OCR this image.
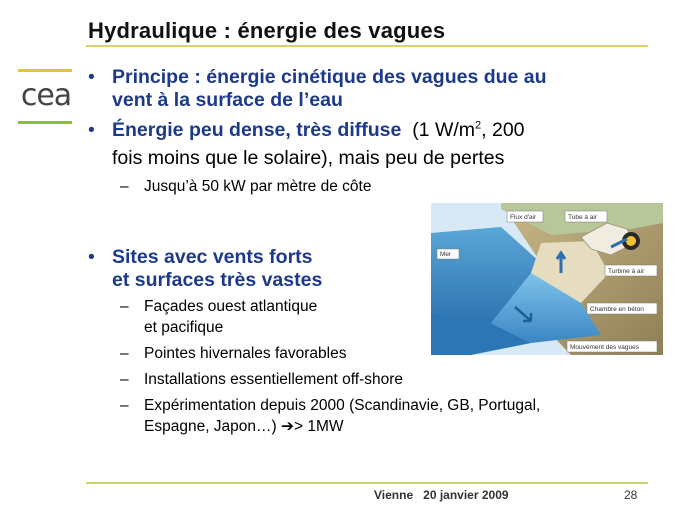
Hydraulique : énergie des vagues
cea
• Principe : énergie cinétique des vagues due au
vent à la surface de l’eau
• Énergie peu dense, très diffuse (1 $W/m^2$, 200
fois moins que le solaire), mais peu de pertes
– Jusqu’à 50 kW par mètre de côte
• Sites avec vents forts
et surfaces très vastes
– Façades ouest atlantique
et pacifique
– Pointes hivernales favorables
– Installations essentiellement off-shore
– Expérimentation depuis 2000 (Scandinavie, GB, Portugal,
Espagne, Japon…) ➔> 1MW
Flux d'air	Tube à air
Mer
Turbine à air
Chambre en béton
Mouvement des vagues
Vienne 20 janvier 2009	28
